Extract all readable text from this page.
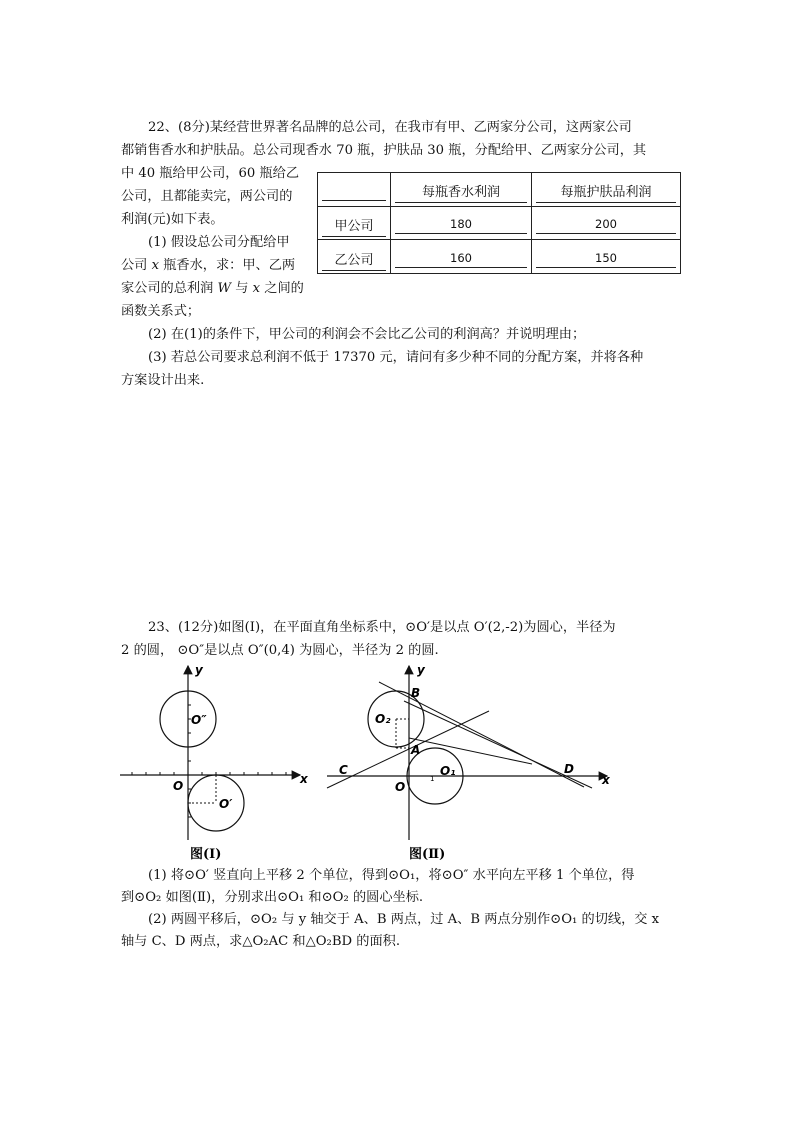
22、(8分)某经营世界著名品牌的总公司，在我市有甲、乙两家分公司，这两家公司
都销售香水和护肤品。总公司现香水 70 瓶，护肤品 30 瓶，分配给甲、乙两家分公司，其
中 40 瓶给甲公司，60 瓶给乙
公司，且都能卖完，两公司的
利润(元)如下表。
(1) 假设总公司分配给甲
公司 x 瓶香水，求：甲、乙两
家公司的总利润 W 与 x 之间的
函数关系式；
(2) 在(1)的条件下，甲公司的利润会不会比乙公司的利润高？并说明理由；
(3) 若总公司要求总利润不低于 17370 元，请问有多少种不同的分配方案，并将各种
方案设计出来.

	每瓶香水利润	每瓶护肤品利润

甲公司	180	200

乙公司	160	150
23、(12分)如图(Ⅰ)，在平面直角坐标系中，⊙O′是以点 O′(2,-2)为圆心，半径为
2 的圆， ⊙O″是以点 O″(0,4) 为圆心，半径为 2 的圆.
y
x
O
O″
O′
图(Ⅰ)
y
x
O
B
A
C	D
O₂
O₁
1
图(Ⅱ)
(1) 将⊙O′ 竖直向上平移 2 个单位，得到⊙O₁，将⊙O″ 水平向左平移 1 个单位，得
到⊙O₂ 如图(Ⅱ)，分别求出⊙O₁ 和⊙O₂ 的圆心坐标.
(2) 两圆平移后，⊙O₂ 与 y 轴交于 A、B 两点，过 A、B 两点分别作⊙O₁ 的切线，交 x
轴与 C、D 两点，求△O₂AC 和△O₂BD 的面积.
